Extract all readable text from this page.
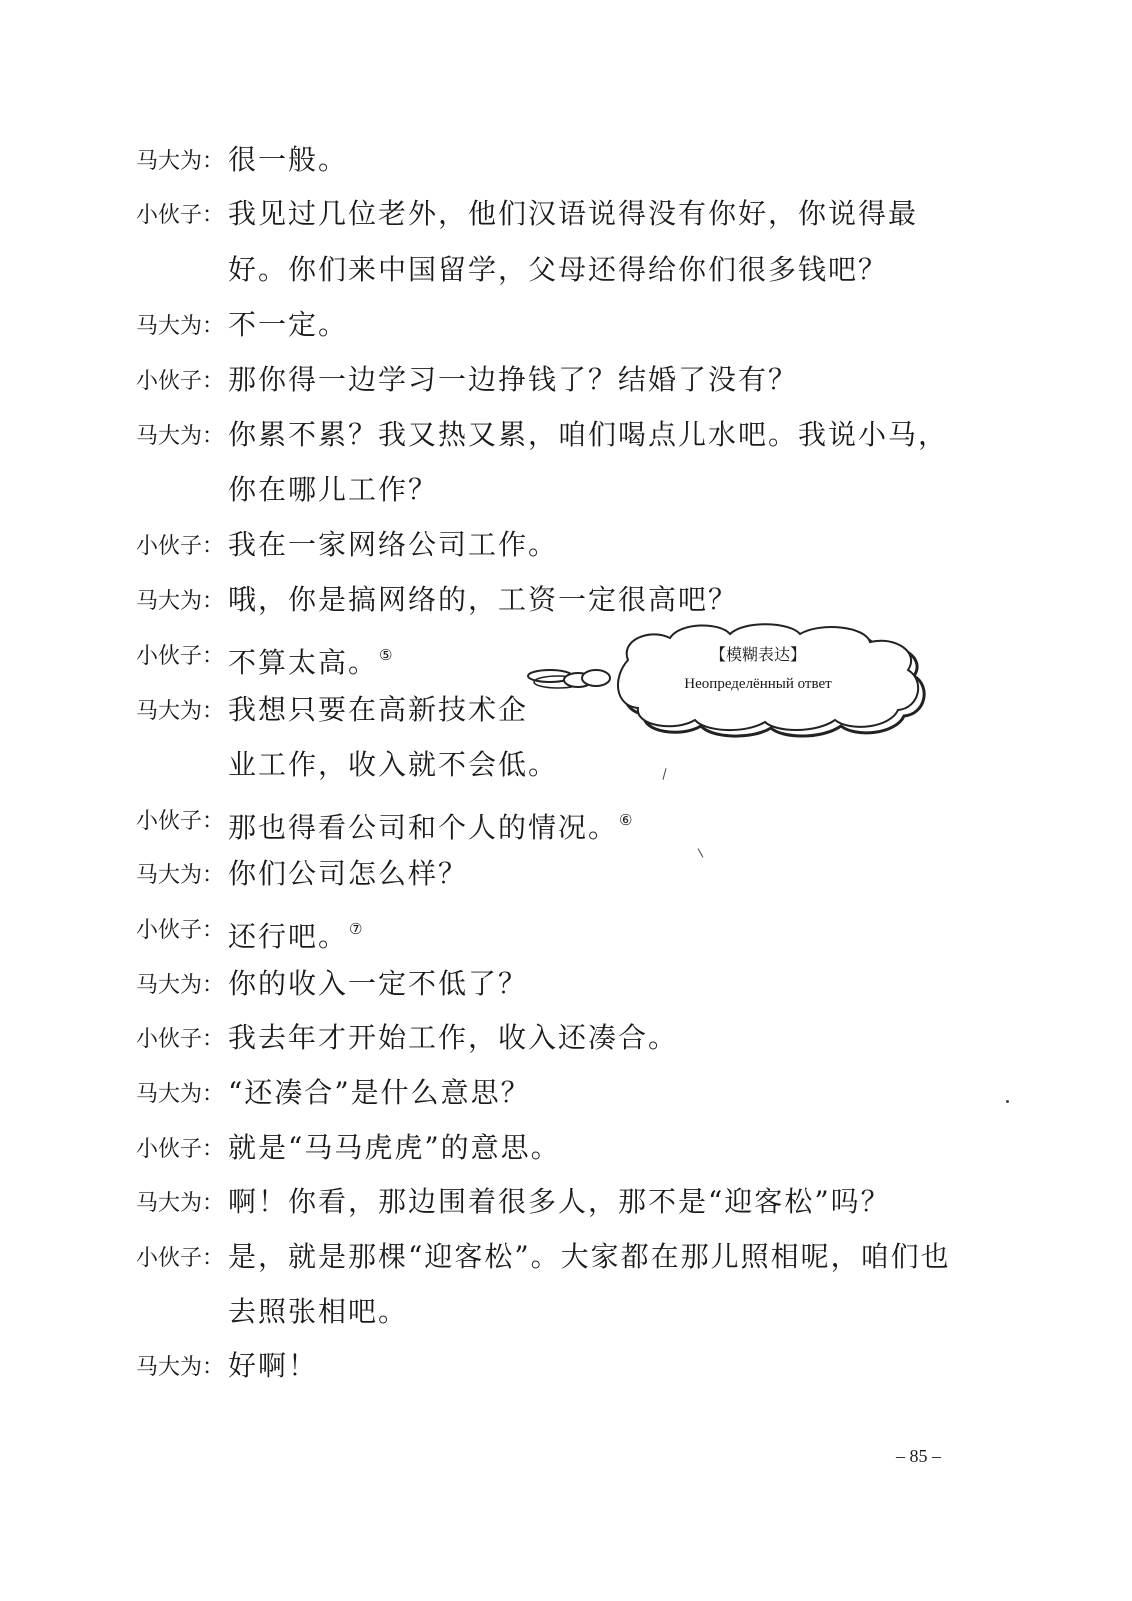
马大为： 很一般。
小伙子： 我见过几位老外，他们汉语说得没有你好，你说得最
好。你们来中国留学，父母还得给你们很多钱吧？
马大为： 不一定。
小伙子： 那你得一边学习一边挣钱了？结婚了没有？
马大为： 你累不累？我又热又累，咱们喝点儿水吧。我说小马，
你在哪儿工作？
小伙子： 我在一家网络公司工作。
马大为： 哦，你是搞网络的，工资一定很高吧？
小伙子： 不算太高。⑤
马大为： 我想只要在高新技术企
业工作，收入就不会低。
小伙子： 那也得看公司和个人的情况。⑥
马大为： 你们公司怎么样？
小伙子： 还行吧。⑦
马大为： 你的收入一定不低了？
小伙子： 我去年才开始工作，收入还凑合。
马大为： “还凑合”是什么意思？
小伙子： 就是“马马虎虎”的意思。
马大为： 啊！你看，那边围着很多人，那不是“迎客松”吗？
小伙子： 是，就是那棵“迎客松”。大家都在那儿照相呢，咱们也
去照张相吧。
马大为： 好啊！
【模糊表达】
Неопределённый ответ
– 85 –
